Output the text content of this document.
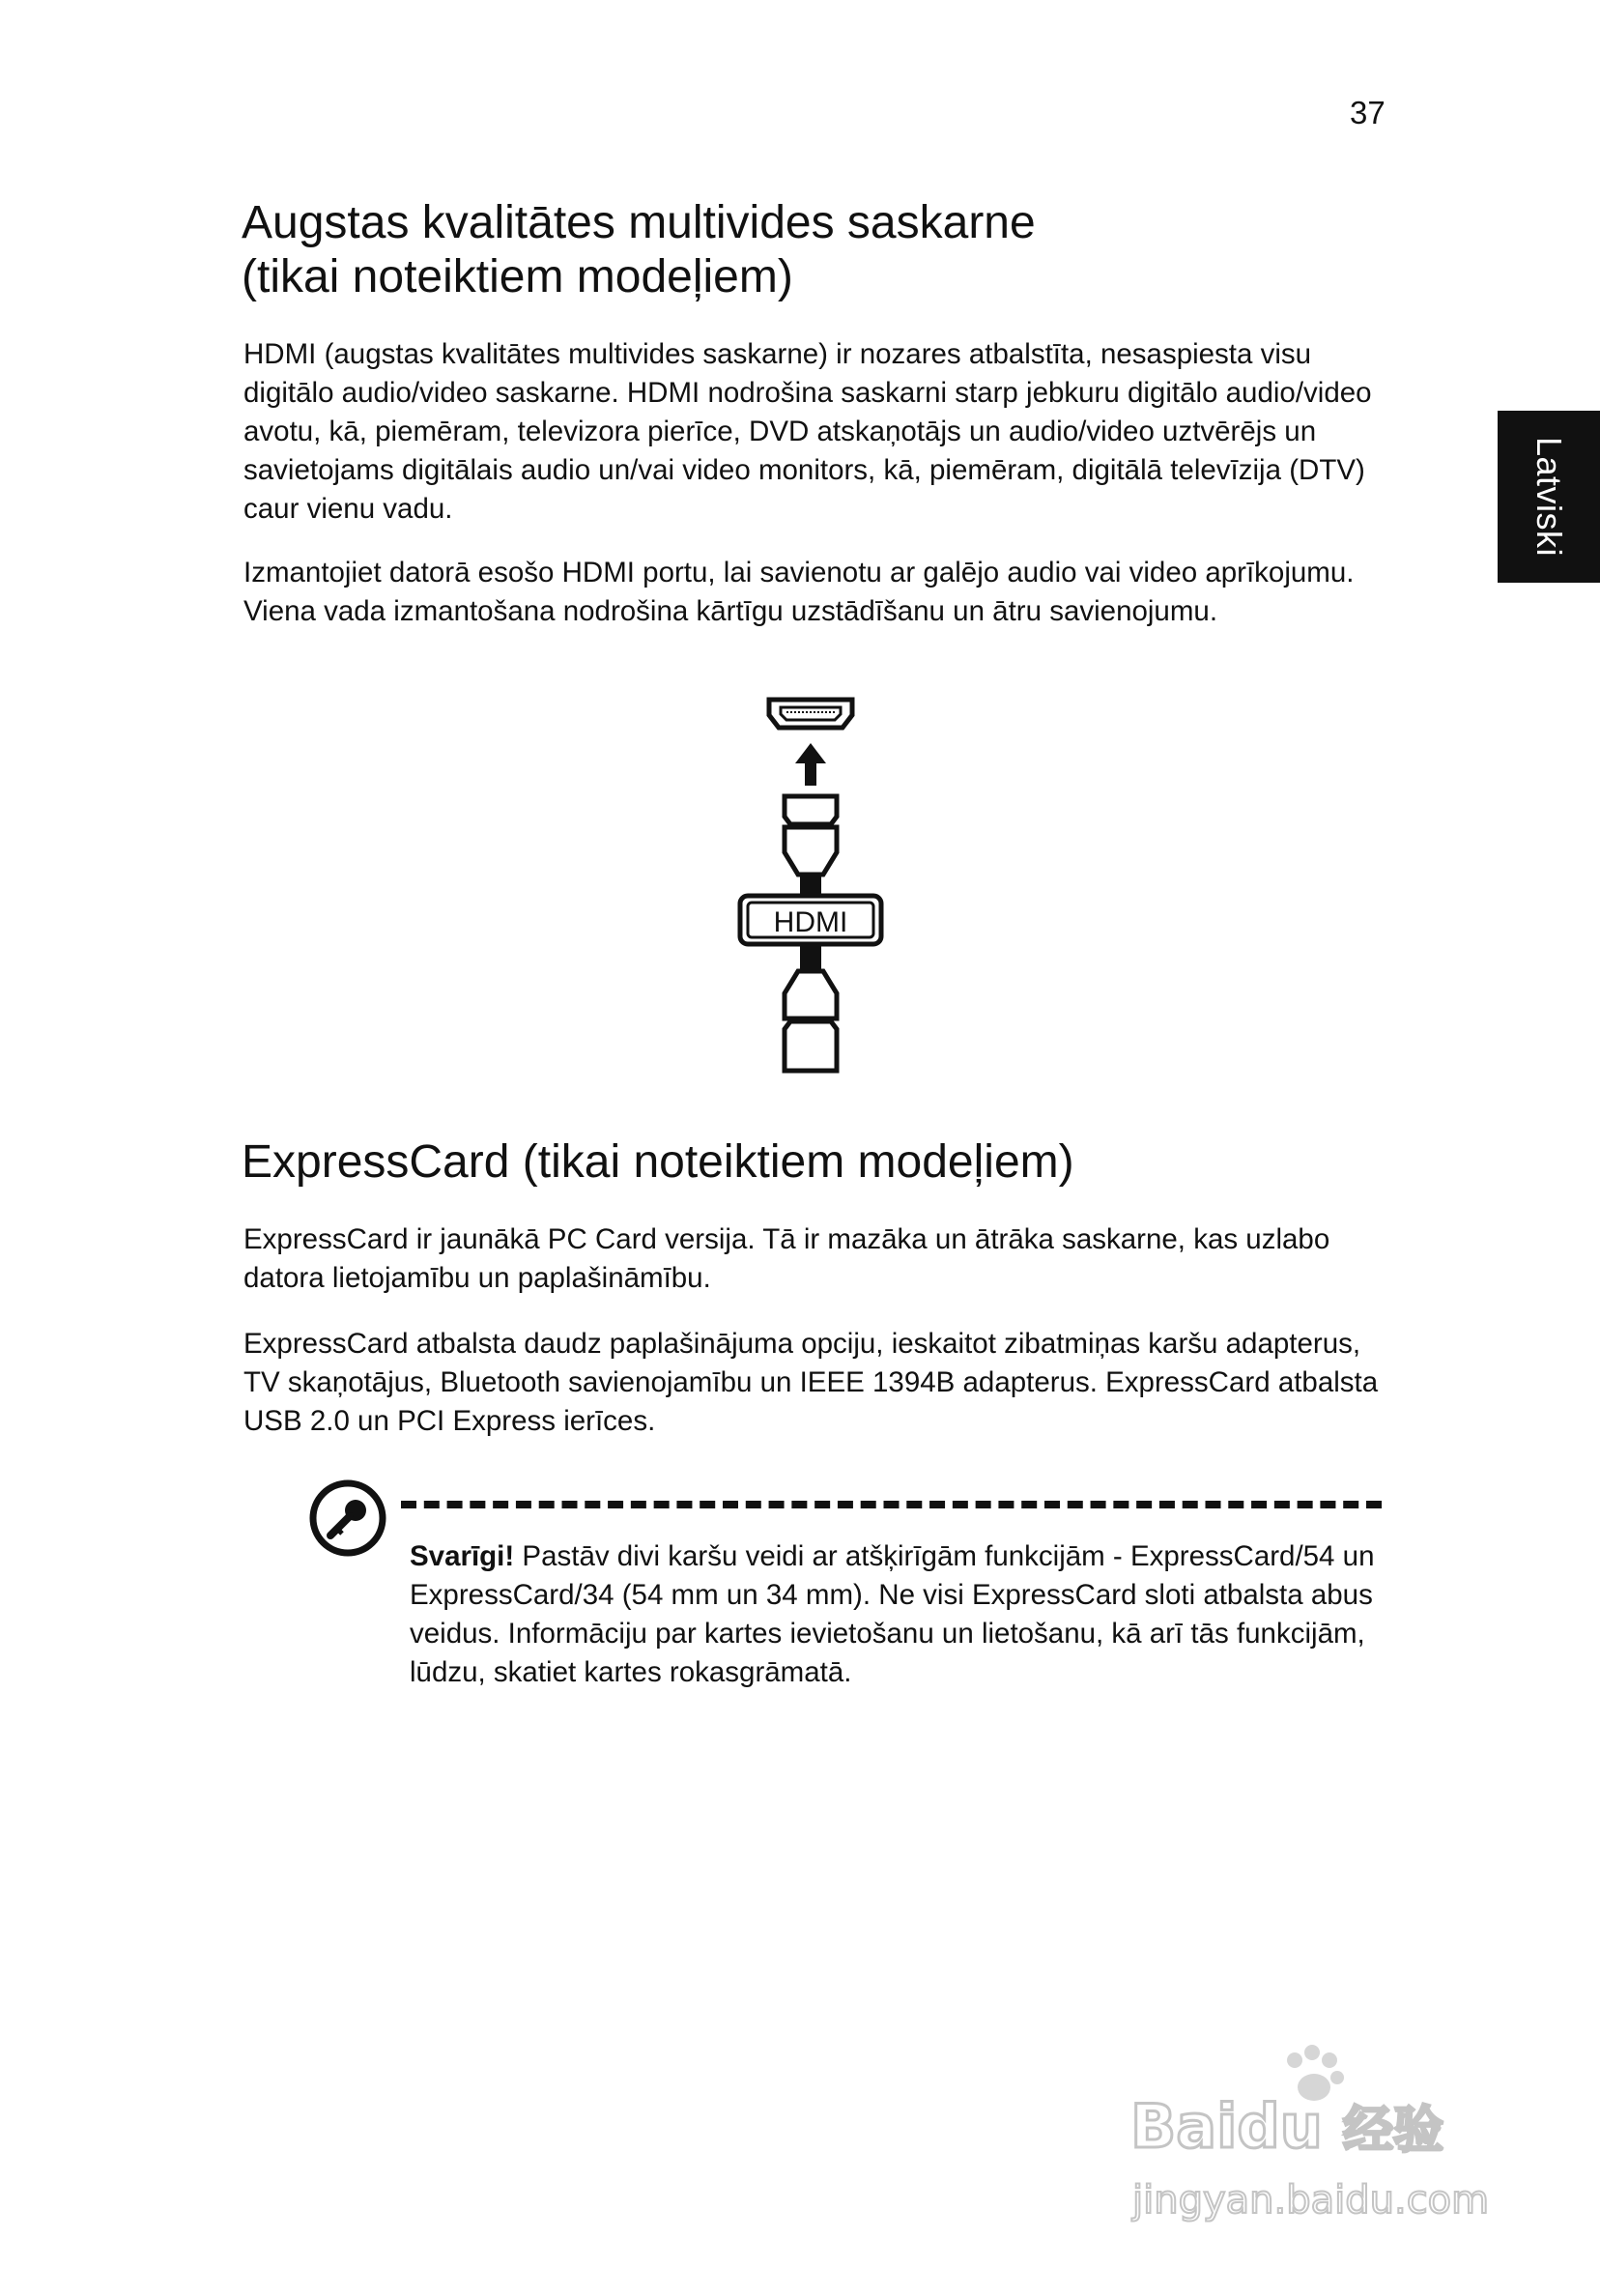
37
Latviski
Augstas kvalitātes multivides saskarne
(tikai noteiktiem modeļiem)

HDMI (augstas kvalitātes multivides saskarne) ir nozares atbalstīta, nesaspiesta visu digitālo audio/video saskarne. HDMI nodrošina saskarni starp jebkuru digitālo audio/video avotu, kā, piemēram, televizora pierīce, DVD atskaņotājs un audio/video uztvērējs un savietojams digitālais audio un/vai video monitors, kā, piemēram, digitālā televīzija (DTV) caur vienu vadu.

Izmantojiet datorā esošo HDMI portu, lai savienotu ar galējo audio vai video aprīkojumu. Viena vada izmantošana nodrošina kārtīgu uzstādīšanu un ātru savienojumu.

HDMI
ExpressCard (tikai noteiktiem modeļiem)

ExpressCard ir jaunākā PC Card versija. Tā ir mazāka un ātrāka saskarne, kas uzlabo datora lietojamību un paplašināmību.

ExpressCard atbalsta daudz paplašinājuma opciju, ieskaitot zibatmiņas karšu adapterus, TV skaņotājus, Bluetooth savienojamību un IEEE 1394B adapterus. ExpressCard atbalsta USB 2.0 un PCI Express ierīces.

Svarīgi! Pastāv divi karšu veidi ar atšķirīgām funkcijām - ExpressCard/54 un ExpressCard/34 (54 mm un 34 mm). Ne visi ExpressCard sloti atbalsta abus veidus. Informāciju par kartes ievietošanu un lietošanu, kā arī tās funkcijām, lūdzu, skatiet kartes rokasgrāmatā.

Baidu 经验
jingyan.baidu.com
